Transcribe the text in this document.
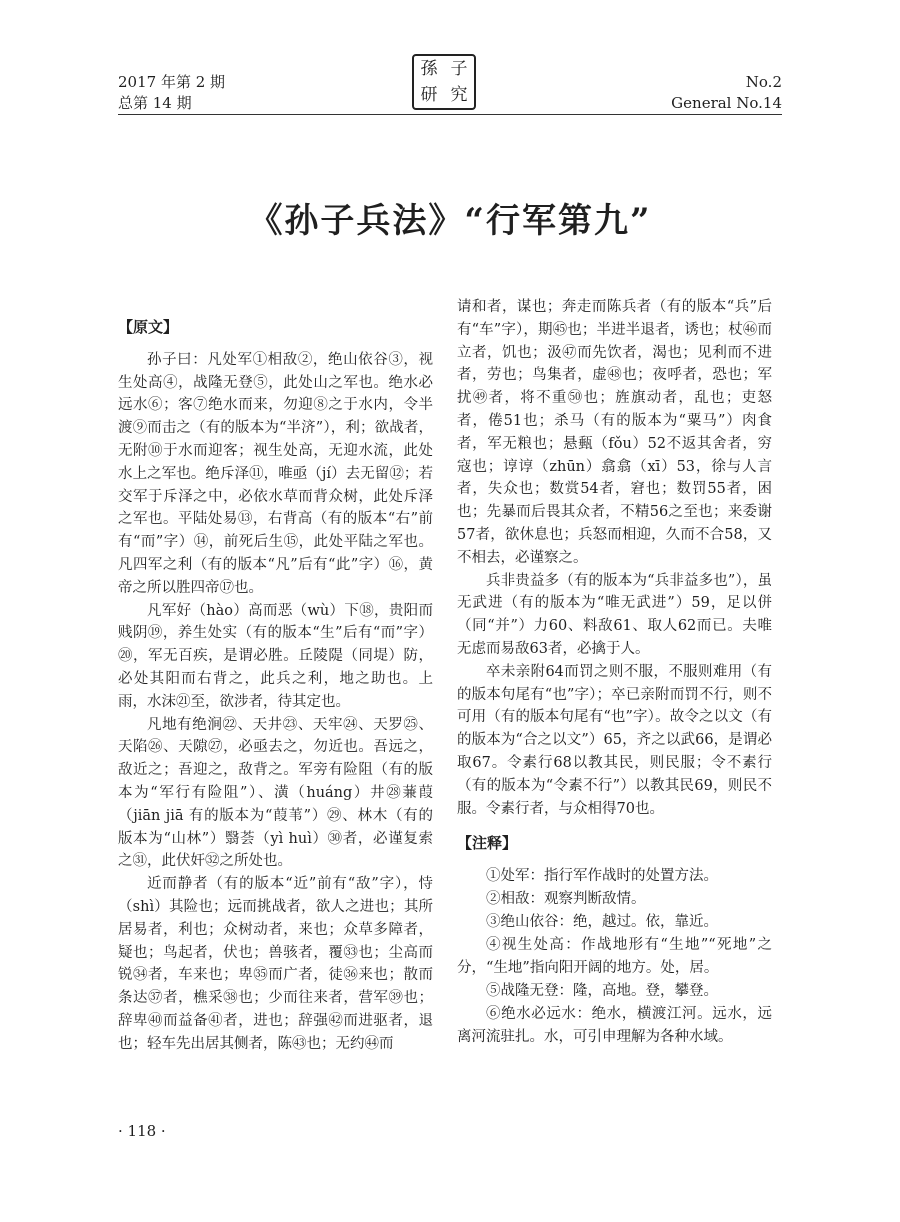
2017 年第 2 期
总第 14 期
孫 子
研 究
No.2
General No.14
《孙子兵法》“行军第九”
【原文】

孙子曰：凡处军①相敌②，绝山依谷③，视生处高④，战隆无登⑤，此处山之军也。绝水必远水⑥；客⑦绝水而来，勿迎⑧之于水内，令半渡⑨而击之（有的版本为“半济”），利；欲战者，无附⑩于水而迎客；视生处高，无迎水流，此处水上之军也。绝斥泽⑪，唯亟（jí）去无留⑫；若交军于斥泽之中，必依水草而背众树，此处斥泽之军也。平陆处易⑬，右背高（有的版本“右”前有“而”字）⑭，前死后生⑮，此处平陆之军也。凡四军之利（有的版本“凡”后有“此”字）⑯，黄帝之所以胜四帝⑰也。

凡军好（hào）高而恶（wù）下⑱，贵阳而贱阴⑲，养生处实（有的版本“生”后有“而”字）⑳，军无百疾，是谓必胜。丘陵隄（同堤）防，必处其阳而右背之，此兵之利，地之助也。上雨，水沫㉑至，欲涉者，待其定也。

凡地有绝涧㉒、天井㉓、天牢㉔、天罗㉕、天陷㉖、天隙㉗，必亟去之，勿近也。吾远之，敌近之；吾迎之，敌背之。军旁有险阻（有的版本为“军行有险阻”）、潢（huáng）井㉘蒹葭（jiān jiā 有的版本为“葭苇”）㉙、林木（有的版本为“山林”）翳荟（yì huì）㉚者，必谨复索之㉛，此伏奸㉜之所处也。

近而静者（有的版本“近”前有“敌”字），恃（shì）其险也；远而挑战者，欲人之进也；其所居易者，利也；众树动者，来也；众草多障者，疑也；鸟起者，伏也；兽骇者，覆㉝也；尘高而锐㉞者，车来也；卑㉟而广者，徒㊱来也；散而条达㊲者，樵采㊳也；少而往来者，营军㊴也；辞卑㊵而益备㊶者，进也；辞强㊷而进驱者，退也；轻车先出居其侧者，陈㊸也；无约㊹而

请和者，谋也；奔走而陈兵者（有的版本“兵”后有“车”字），期㊺也；半进半退者，诱也；杖㊻而立者，饥也；汲㊼而先饮者，渴也；见利而不进者，劳也；鸟集者，虚㊽也；夜呼者，恐也；军扰㊾者，将不重㊿也；旌旗动者，乱也；吏怒者，倦51也；杀马（有的版本为“粟马”）肉食者，军无粮也；悬甀（fǒu）52不返其舍者，穷寇也；谆谆（zhūn）翕翕（xī）53，徐与人言者，失众也；数赏54者，窘也；数罚55者，困也；先暴而后畏其众者，不精56之至也；来委谢57者，欲休息也；兵怒而相迎，久而不合58，又不相去，必谨察之。

兵非贵益多（有的版本为“兵非益多也”），虽无武进（有的版本为“唯无武进”）59，足以併（同“并”）力60、料敌61、取人62而已。夫唯无虑而易敌63者，必擒于人。

卒未亲附64而罚之则不服，不服则难用（有的版本句尾有“也”字）；卒已亲附而罚不行，则不可用（有的版本句尾有“也”字）。故令之以文（有的版本为“合之以文”）65，齐之以武66，是谓必取67。令素行68以教其民，则民服；令不素行（有的版本为“令素不行”）以教其民69，则民不服。令素行者，与众相得70也。

【注释】

①处军：指行军作战时的处置方法。

②相敌：观察判断敌情。

③绝山依谷：绝，越过。依，靠近。

④视生处高：作战地形有“生地”“死地”之分，“生地”指向阳开阔的地方。处，居。

⑤战隆无登：隆，高地。登，攀登。

⑥绝水必远水：绝水，横渡江河。远水，远离河流驻扎。水，可引申理解为各种水域。

· 118 ·
